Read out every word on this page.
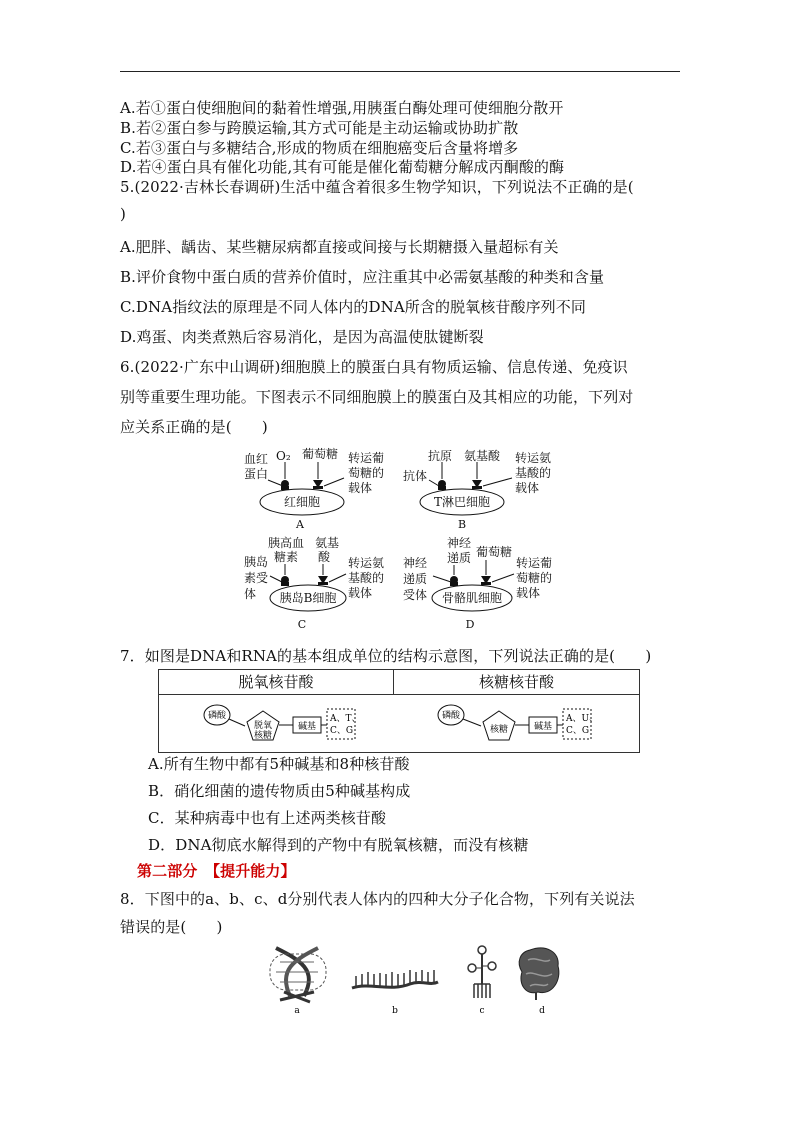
A.若①蛋白使细胞间的黏着性增强,用胰蛋白酶处理可使细胞分散开
B.若②蛋白参与跨膜运输,其方式可能是主动运输或协助扩散
C.若③蛋白与多糖结合,形成的物质在细胞癌变后含量将增多
D.若④蛋白具有催化功能,其有可能是催化葡萄糖分解成丙酮酸的酶
5.(2022·吉林长春调研)生活中蕴含着很多生物学知识，下列说法不正确的是(
)
A.肥胖、龋齿、某些糖尿病都直接或间接与长期糖摄入量超标有关
B.评价食物中蛋白质的营养价值时，应注重其中必需氨基酸的种类和含量
C.DNA指纹法的原理是不同人体内的DNA所含的脱氧核苷酸序列不同
D.鸡蛋、肉类煮熟后容易消化，是因为高温使肽键断裂
6.(2022·广东中山调研)细胞膜上的膜蛋白具有物质运输、信息传递、免疫识
别等重要生理功能。下图表示不同细胞膜上的膜蛋白及其相应的功能，下列对
应关系正确的是(　　)
红细胞
血红
蛋白
O₂ 葡萄糖 转运葡
萄糖的
载体
A
T淋巴细胞
抗原 氨基酸
抗体
转运氨
基酸的
载体
B
胰岛B细胞
胰高血
糖素
氨基
酸
胰岛
素受
体
转运氨
基酸的
载体
C
骨骼肌细胞
神经
递质 葡萄糖
神经
递质
受体
转运葡
萄糖的
载体
D
7．如图是DNA和RNA的基本组成单位的结构示意图，下列说法正确的是(　　)
脱氧核苷酸	核糖核苷酸
磷酸
脱氧
核糖
碱基
A、T、
C、G
磷酸
核糖	碱基
A、U、
C、G
A.所有生物中都有5种碱基和8种核苷酸
B．硝化细菌的遗传物质由5种碱基构成
C．某种病毒中也有上述两类核苷酸
D．DNA彻底水解得到的产物中有脱氧核糖，而没有核糖
第二部分　【提升能力】
8．下图中的a、b、c、d分别代表人体内的四种大分子化合物，下列有关说法
错误的是(　　)
a	b	c	d
